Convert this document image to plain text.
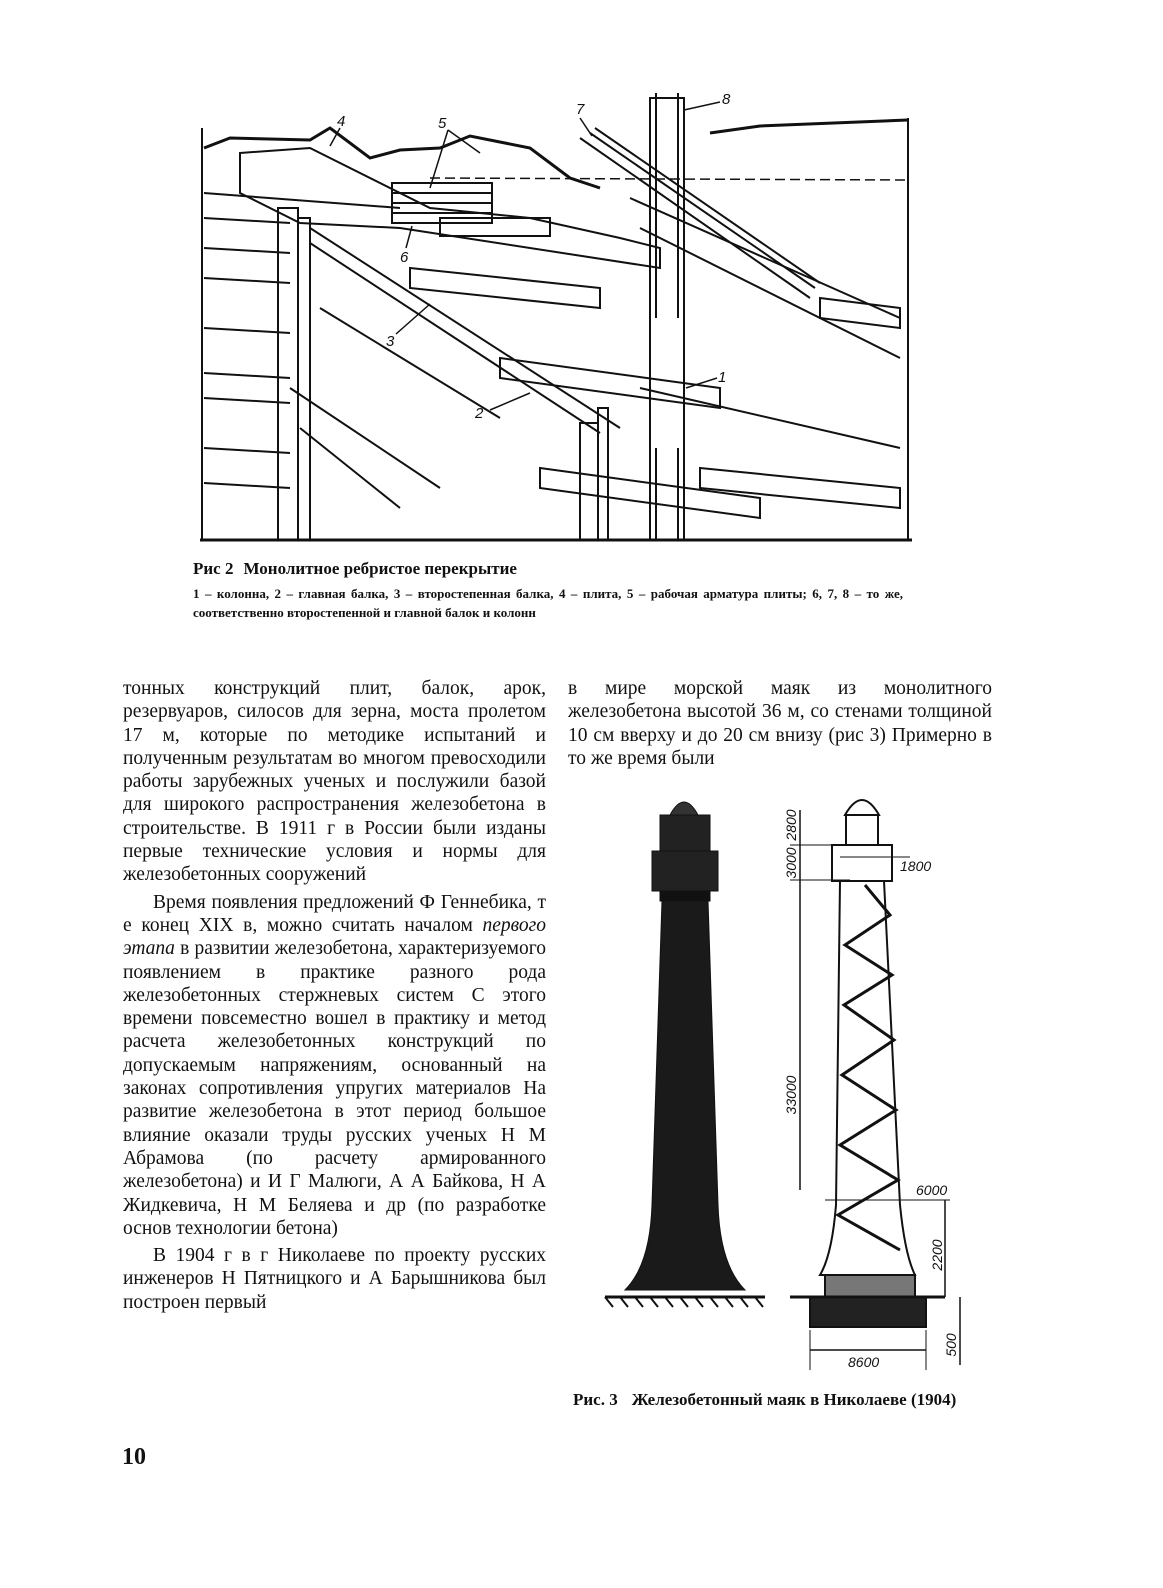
4	5
6
7
8
3
2
1
Рис 2 Монолитное ребристое перекрытие
1 – колонна, 2 – главная балка, 3 – второстепенная балка, 4 – плита, 5 – рабочая арматура плиты; 6, 7, 8 – то же, соответственно второстепенной и главной балок и колонн

тонных конструкций плит, балок, арок, резервуаров, силосов для зерна, моста пролетом 17 м, которые по методике испытаний и полученным результатам во многом превосходили работы зарубежных ученых и послужили базой для широкого распространения железобетона в строительстве. В 1911 г в России были изданы первые технические условия и нормы для железобетонных сооружений

Время появления предложений Ф Геннебика, т е конец XIX в, можно считать началом первого этапа в развитии железобетона, характеризуемого появлением в практике разного рода железобетонных стержневых систем С этого времени повсеместно вошел в практику и метод расчета железобетонных конструкций по допускаемым напряжениям, основанный на законах сопротивления упругих материалов На развитие железобетона в этот период большое влияние оказали труды русских ученых Н М Абрамова (по расчету армированного железобетона) и И Г Малюги, А А Байкова, Н А Жидкевича, Н М Беляева и др (по разработке основ технологии бетона)

В 1904 г в г Николаеве по проекту русских инженеров Н Пятницкого и А Барышникова был построен первый

в мире морской маяк из монолитного железобетона высотой 36 м, со стенами толщиной 10 см вверху и до 20 см внизу (рис 3) Примерно в то же время были

2800
3000	1800
33000
6000
2200
8600
500
Рис. 3 Железобетонный маяк в Николаеве (1904)
10
